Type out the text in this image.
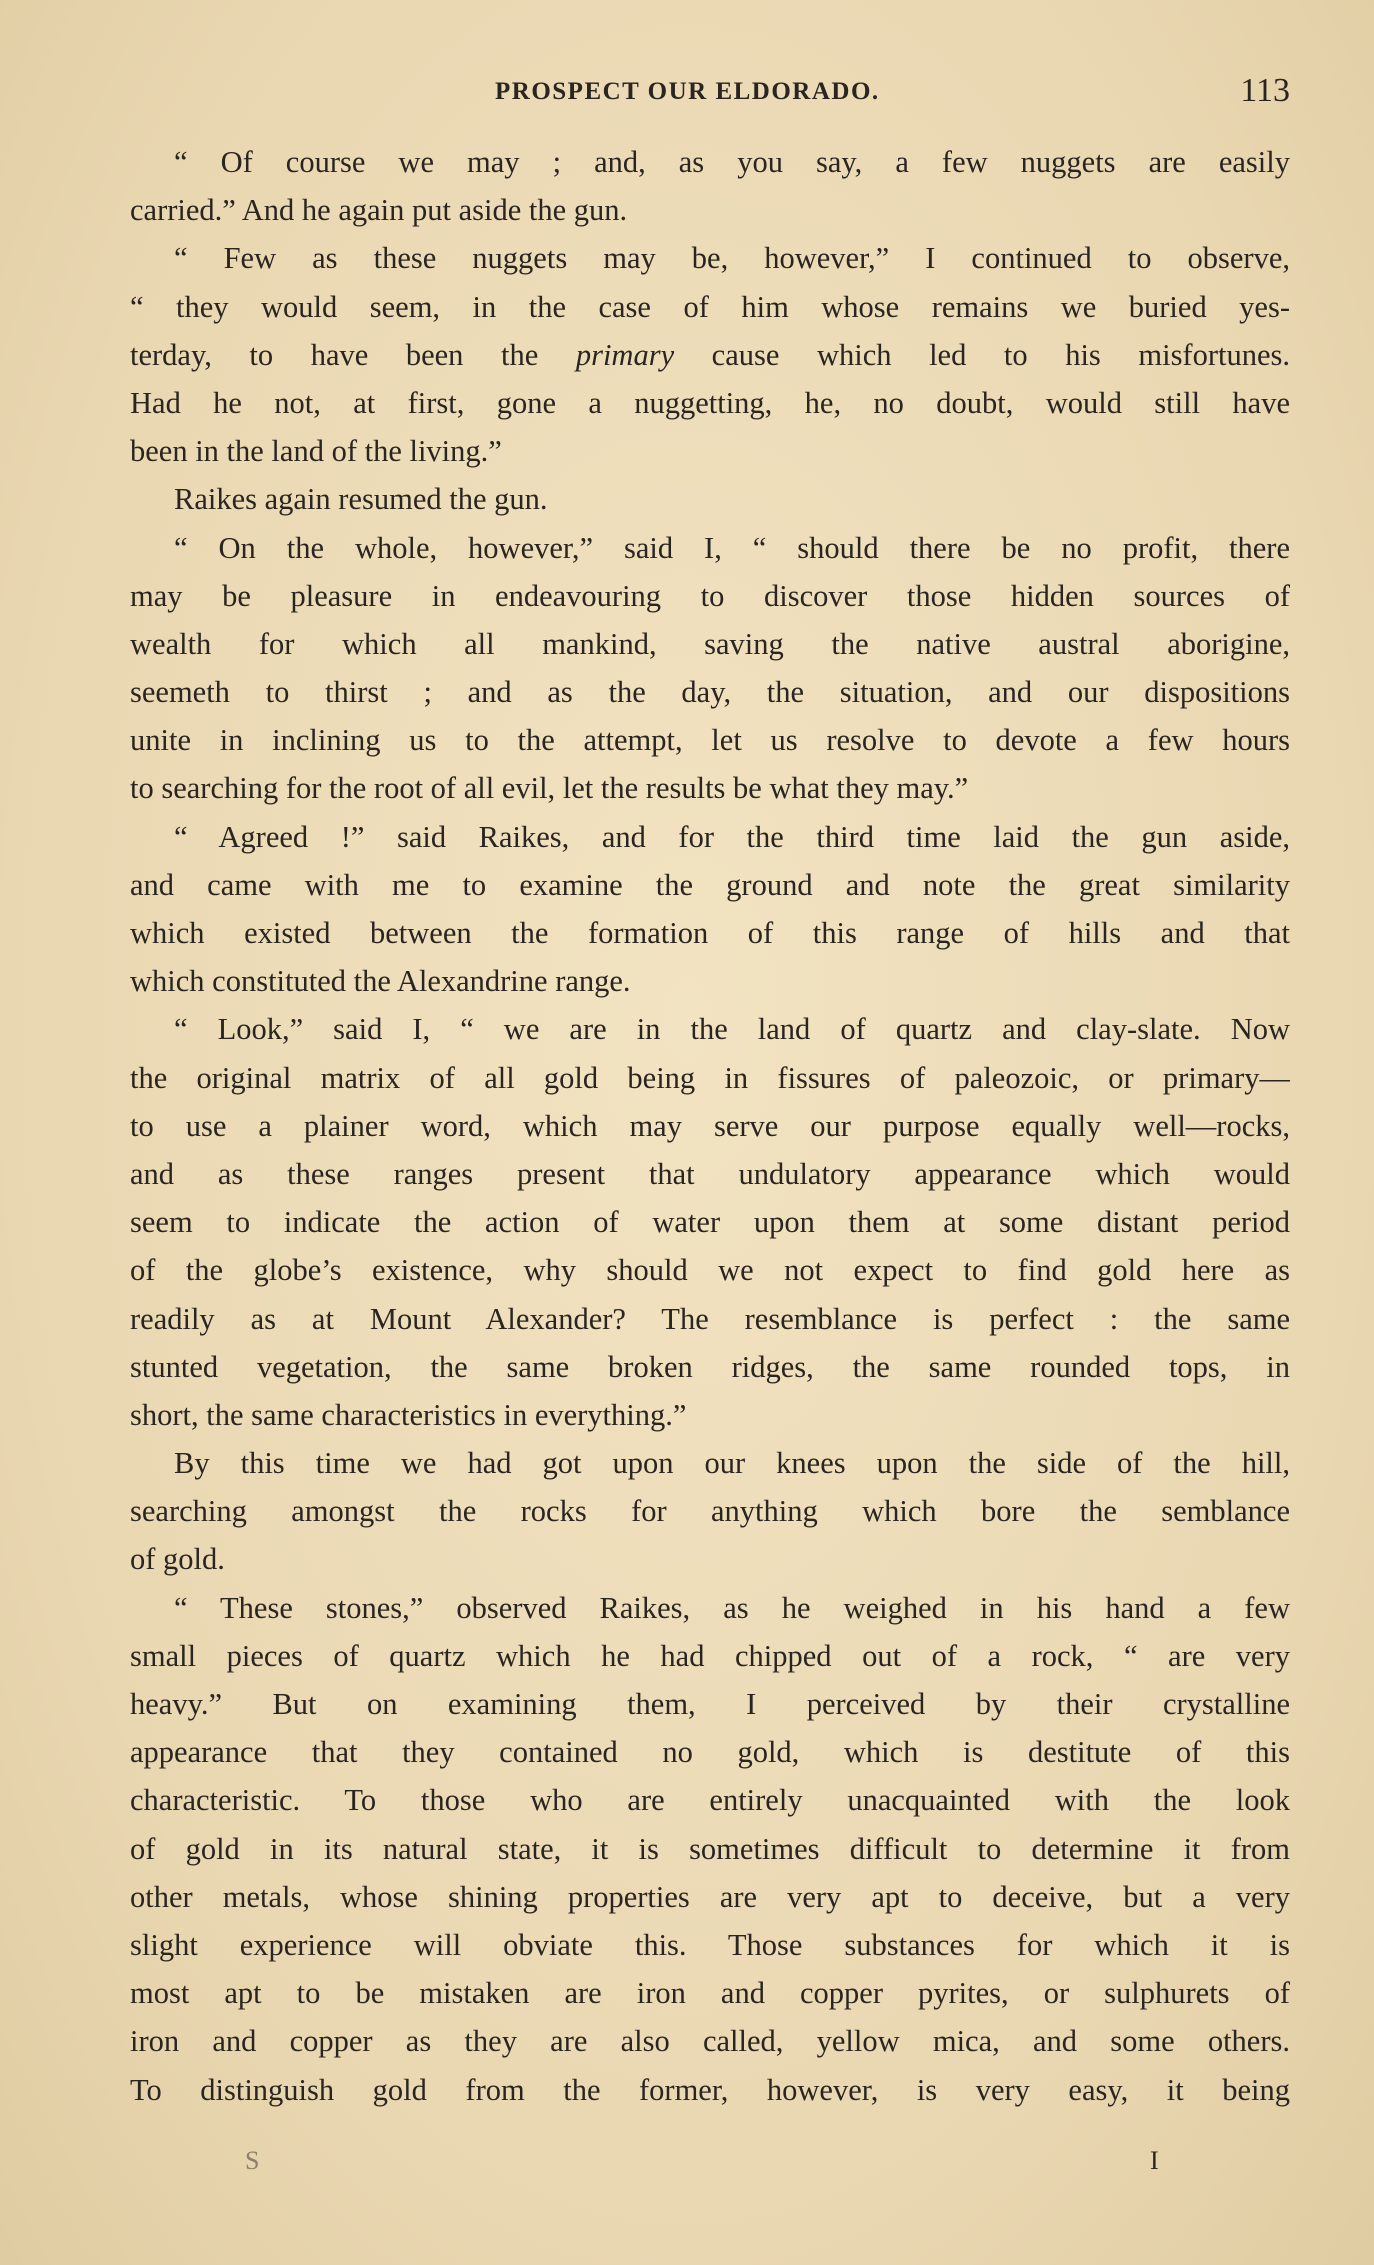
PROSPECT OUR ELDORADO.	113
“ Of course we may ; and, as you say, a few nuggets are easily
carried.” And he again put aside the gun.
“ Few as these nuggets may be, however,” I continued to observe,
“ they would seem, in the case of him whose remains we buried yes-
terday, to have been the primary cause which led to his misfortunes.
Had he not, at first, gone a nuggetting, he, no doubt, would still have
been in the land of the living.”
Raikes again resumed the gun.
“ On the whole, however,” said I, “ should there be no profit, there
may be pleasure in endeavouring to discover those hidden sources of
wealth for which all mankind, saving the native austral aborigine,
seemeth to thirst ; and as the day, the situation, and our dispositions
unite in inclining us to the attempt, let us resolve to devote a few hours
to searching for the root of all evil, let the results be what they may.”
“ Agreed !” said Raikes, and for the third time laid the gun aside,
and came with me to examine the ground and note the great similarity
which existed between the formation of this range of hills and that
which constituted the Alexandrine range.
“ Look,” said I, “ we are in the land of quartz and clay-slate. Now
the original matrix of all gold being in fissures of paleozoic, or primary—
to use a plainer word, which may serve our purpose equally well—rocks,
and as these ranges present that undulatory appearance which would
seem to indicate the action of water upon them at some distant period
of the globe’s existence, why should we not expect to find gold here as
readily as at Mount Alexander? The resemblance is perfect : the same
stunted vegetation, the same broken ridges, the same rounded tops, in
short, the same characteristics in everything.”
By this time we had got upon our knees upon the side of the hill,
searching amongst the rocks for anything which bore the semblance
of gold.
“ These stones,” observed Raikes, as he weighed in his hand a few
small pieces of quartz which he had chipped out of a rock, “ are very
heavy.” But on examining them, I perceived by their crystalline
appearance that they contained no gold, which is destitute of this
characteristic. To those who are entirely unacquainted with the look
of gold in its natural state, it is sometimes difficult to determine it from
other metals, whose shining properties are very apt to deceive, but a very
slight experience will obviate this. Those substances for which it is
most apt to be mistaken are iron and copper pyrites, or sulphurets of
iron and copper as they are also called, yellow mica, and some others.
To distinguish gold from the former, however, is very easy, it being
S	I
